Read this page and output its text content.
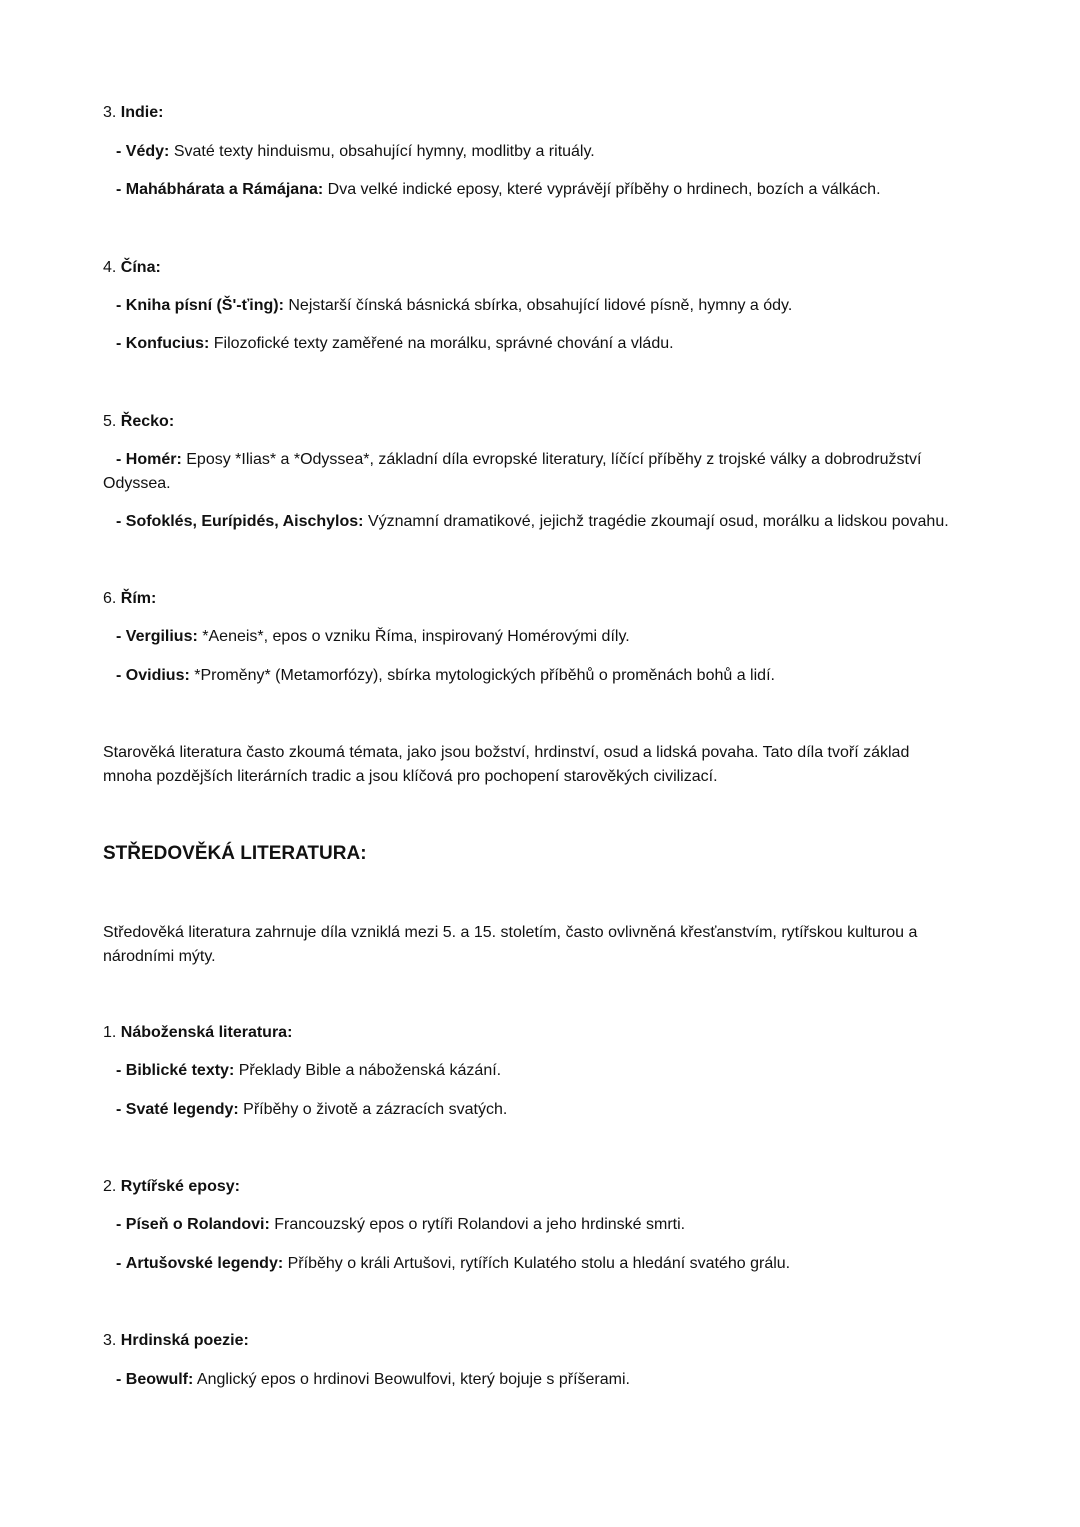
3. Indie:
- Védy: Svaté texty hinduismu, obsahující hymny, modlitby a rituály.
- Mahábhárata a Rámájana: Dva velké indické eposy, které vyprávějí příběhy o hrdinech, bozích a válkách.
4. Čína:
- Kniha písní (Š'-ťing): Nejstarší čínská básnická sbírka, obsahující lidové písně, hymny a ódy.
- Konfucius: Filozofické texty zaměřené na morálku, správné chování a vládu.
5. Řecko:
- Homér: Eposy *Ilias* a *Odyssea*, základní díla evropské literatury, líčící příběhy z trojské války a dobrodružství Odyssea.
- Sofoklés, Eurípidés, Aischylos: Významní dramatikové, jejichž tragédie zkoumají osud, morálku a lidskou povahu.
6. Řím:
- Vergilius: *Aeneis*, epos o vzniku Říma, inspirovaný Homérovými díly.
- Ovidius: *Proměny* (Metamorfózy), sbírka mytologických příběhů o proměnách bohů a lidí.
Starověká literatura často zkoumá témata, jako jsou božství, hrdinství, osud a lidská povaha. Tato díla tvoří základ
mnoha pozdějších literárních tradic a jsou klíčová pro pochopení starověkých civilizací.
STŘEDOVĚKÁ LITERATURA:
Středověká literatura zahrnuje díla vzniklá mezi 5. a 15. stoletím, často ovlivněná křesťanstvím, rytířskou kulturou a
národními mýty.
1. Náboženská literatura:
- Biblické texty: Překlady Bible a náboženská kázání.
- Svaté legendy: Příběhy o životě a zázracích svatých.
2. Rytířské eposy:
- Píseň o Rolandovi: Francouzský epos o rytíři Rolandovi a jeho hrdinské smrti.
- Artušovské legendy: Příběhy o králi Artušovi, rytířích Kulatého stolu a hledání svatého grálu.
3. Hrdinská poezie:
- Beowulf: Anglický epos o hrdinovi Beowulfovi, který bojuje s příšerami.
